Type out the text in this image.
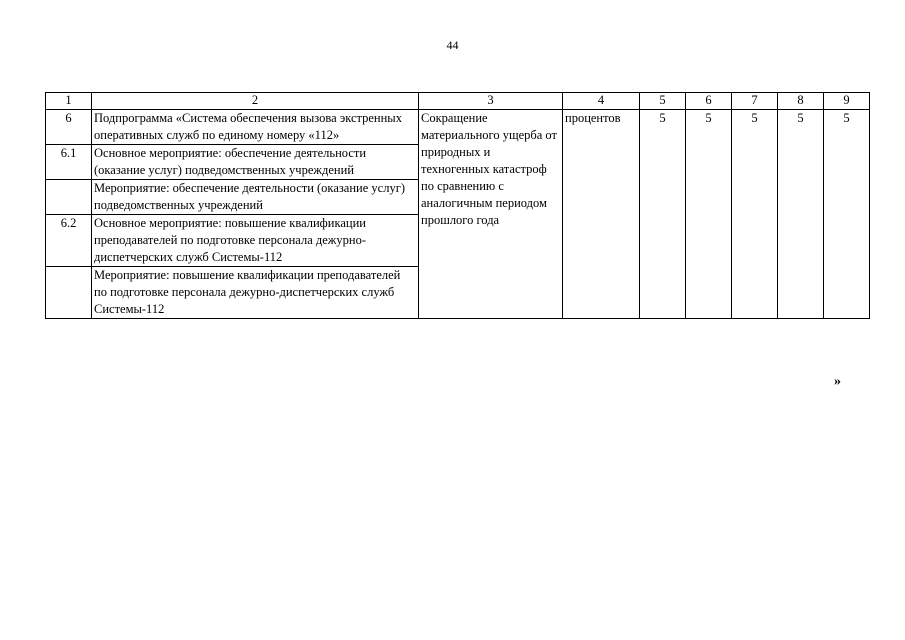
44
1	2	3	4	5	6	7	8	9
6	Подпрограмма «Система обеспечения вызова экстренных оперативных служб по единому номеру «112»	Сокращение материального ущерба от природных и техногенных катастроф по сравнению с аналогичным периодом прошлого года	процентов	5	5	5	5	5
6.1	Основное мероприятие: обеспечение деятельности (оказание услуг) подведомственных учреждений							
	Мероприятие: обеспечение деятельности (оказание услуг) подведомственных учреждений							
6.2	Основное мероприятие: повышение квалификации преподавателей по подготовке персонала дежурно-диспетчерских служб Системы-112							
	Мероприятие: повышение квалификации преподавателей по подготовке персонала дежурно-диспетчерских служб Системы-112							
»
